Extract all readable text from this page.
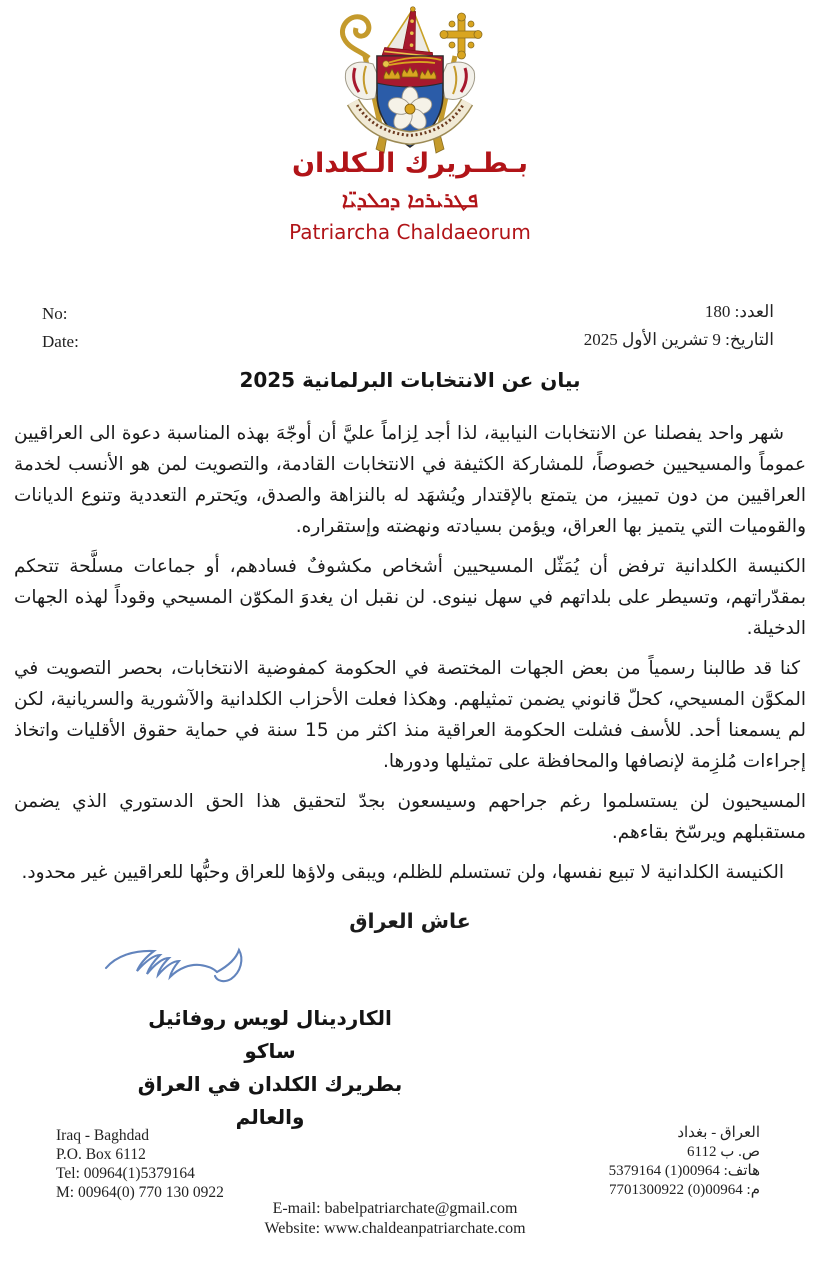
بـطـريرك الـكلدان
ܦܛܪܝܪܟܐ ܕܟܠܕܝ̈ܐ
Patriarcha Chaldaeorum
No:
Date:
العدد: 180
التاريخ: 9 تشرين الأول 2025
بيان عن الانتخابات البرلمانية 2025

شهر واحد يفصلنا عن الانتخابات النيابية، لذا أجد لِزاماً عليَّ أن أوجّهَ بهذه المناسبة دعوة الى العراقيين عموماً والمسيحيين خصوصاً، للمشاركة الكثيفة في الانتخابات القادمة، والتصويت لمن هو الأنسب لخدمة العراقيين من دون تمييز، من يتمتع بالإقتدار ويُشهَد له بالنزاهة والصدق، ويَحترم التعددية وتنوع الديانات والقوميات التي يتميز بها العراق، ويؤمن بسيادته ونهضته وإستقراره.

الكنيسة الكلدانية ترفض أن يُمَثّل المسيحيين أشخاص مكشوفٌ فسادهم، أو جماعات مسلَّحة تتحكم بمقدّراتهم، وتسيطر على بلداتهم في سهل نينوى. لن نقبل ان يغدوَ المكوّن المسيحي وقوداً لهذه الجهات الدخيلة.

كنا قد طالبنا رسمياً من بعض الجهات المختصة في الحكومة كمفوضية الانتخابات، بحصر التصويت في المكوَّن المسيحي، كحلّ قانوني يضمن تمثيلهم. وهكذا فعلت الأحزاب الكلدانية والآشورية والسريانية، لكن لم يسمعنا أحد. للأسف فشلت الحكومة العراقية منذ اكثر من 15 سنة في حماية حقوق الأقليات واتخاذ إجراءات مُلزِمة لإنصافها والمحافظة على تمثيلها ودورها.

المسيحيون لن يستسلموا رغم جراحهم وسيسعون بجدّ لتحقيق هذا الحق الدستوري الذي يضمن مستقبلهم ويرسّخ بقاءهم.

الكنيسة الكلدانية لا تبيع نفسها، ولن تستسلم للظلم، ويبقى ولاؤها للعراق وحبُّها للعراقيين غير محدود.

عاش العراق
الكاردينال لويس روفائيل ساكو
بطريرك الكلدان في العراق والعالم
Iraq - Baghdad
P.O. Box 6112
Tel: 00964(1)5379164
M: 00964(0) 770 130 0922
العراق - بغداد
ص. ب 6112
هاتف: 00964(1) 5379164
م: 00964(0) 7701300922
E-mail: babelpatriarchate@gmail.com
Website: www.chaldeanpatriarchate.com
